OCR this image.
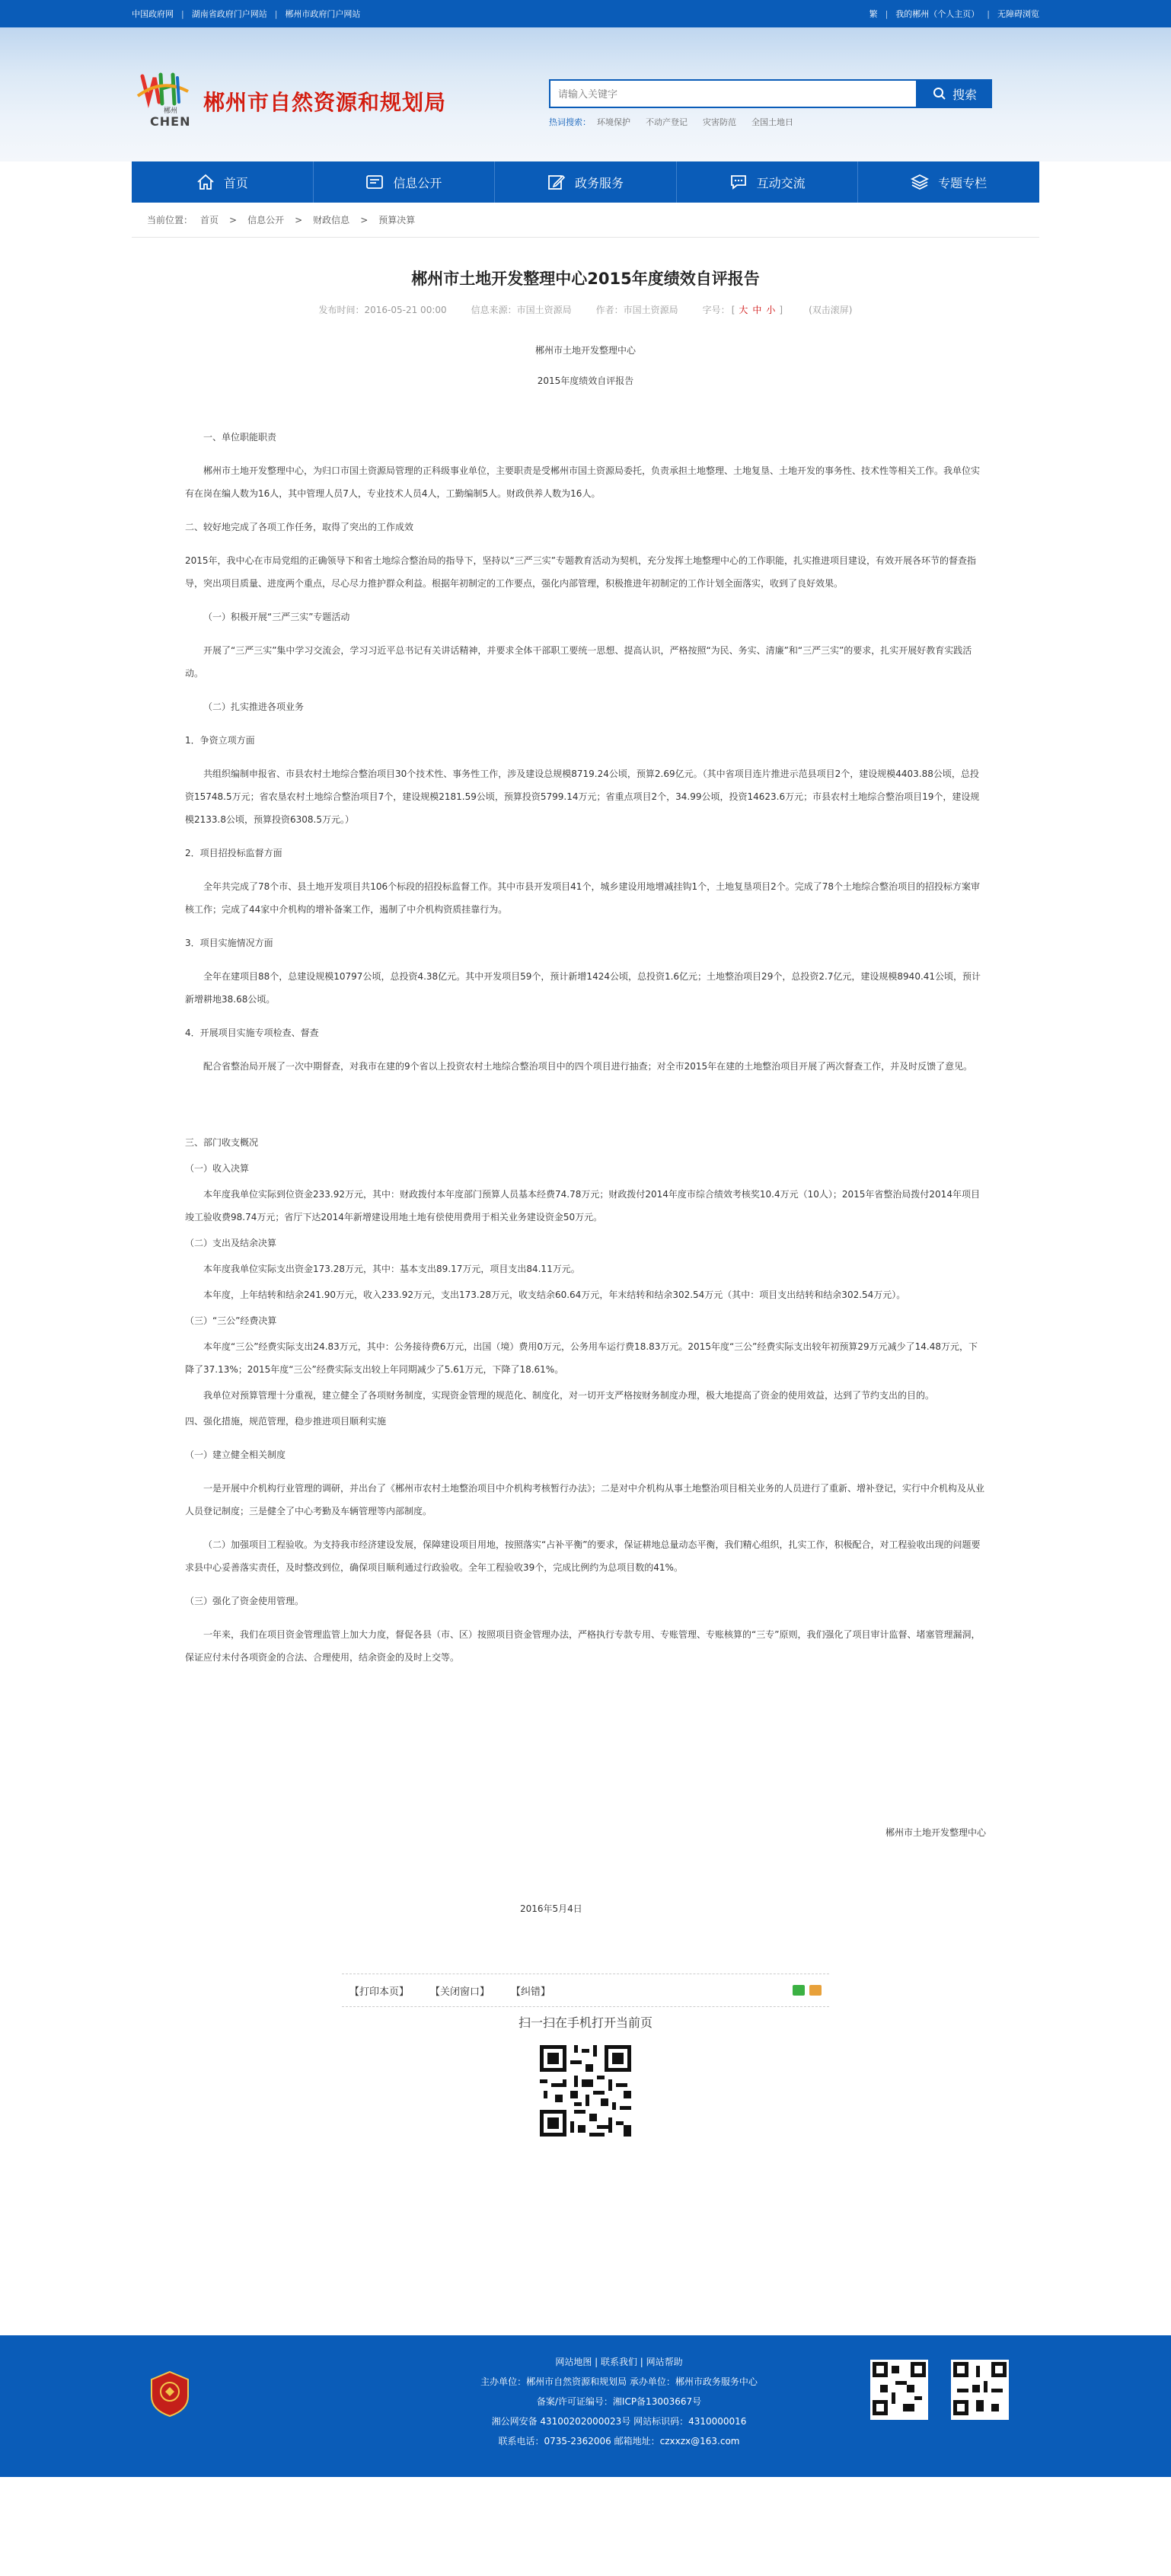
中国政府网 | 湖南省政府门户网站 | 郴州市政府门户网站	繁 | 我的郴州（个人主页） | 无障碍浏览
郴州
CHEN
郴州市自然资源和规划局
请输入关键字	搜索
热词搜索： 环境保护 不动产登记 灾害防范 全国土地日
首页	信息公开	政务服务	互动交流	专题专栏
当前位置： 首页 > 信息公开 > 财政信息 > 预算决算
郴州市土地开发整理中心2015年度绩效自评报告
发布时间：2016-05-21 00:00	信息来源：市国土资源局	作者：市国土资源局	字号： [ 大 中 小 ]	(双击滚屏)

郴州市土地开发整理中心

2015年度绩效自评报告

一、单位职能职责

郴州市土地开发整理中心，为归口市国土资源局管理的正科级事业单位，主要职责是受郴州市国土资源局委托，负责承担土地整理、土地复垦、土地开发的事务性、技术性等相关工作。我单位实有在岗在编人数为16人，其中管理人员7人，专业技术人员4人，工勤编制5人。财政供养人数为16人。

二、较好地完成了各项工作任务，取得了突出的工作成效

2015年，我中心在市局党组的正确领导下和省土地综合整治局的指导下，坚持以“三严三实”专题教育活动为契机，充分发挥土地整理中心的工作职能，扎实推进项目建设，有效开展各环节的督查指导，突出项目质量、进度两个重点，尽心尽力推护群众利益。根据年初制定的工作要点，强化内部管理，积极推进年初制定的工作计划全面落实，收到了良好效果。

（一）积极开展“三严三实”专题活动

开展了“三严三实”集中学习交流会，学习习近平总书记有关讲话精神，并要求全体干部职工要统一思想、提高认识，严格按照“为民、务实、清廉”和“三严三实”的要求，扎实开展好教育实践活动。

（二）扎实推进各项业务

1．争资立项方面

共组织编制申报省、市县农村土地综合整治项目30个技术性、事务性工作，涉及建设总规模8719.24公顷，预算2.69亿元。（其中省项目连片推进示范县项目2个，建设规模4403.88公顷，总投资15748.5万元；省农垦农村土地综合整治项目7个，建设规模2181.59公顷，预算投资5799.14万元；省重点项目2个，34.99公顷，投资14623.6万元；市县农村土地综合整治项目19个，建设规模2133.8公顷，预算投资6308.5万元。）

2．项目招投标监督方面

全年共完成了78个市、县土地开发项目共106个标段的招投标监督工作。其中市县开发项目41个，城乡建设用地增减挂钩1个，土地复垦项目2个。完成了78个土地综合整治项目的招投标方案审核工作；完成了44家中介机构的增补备案工作，遏制了中介机构资质挂靠行为。

3．项目实施情况方面

全年在建项目88个，总建设规模10797公顷，总投资4.38亿元。其中开发项目59个，预计新增1424公顷，总投资1.6亿元；土地整治项目29个，总投资2.7亿元，建设规模8940.41公顷，预计新增耕地38.68公顷。

4．开展项目实施专项检查、督查

配合省整治局开展了一次中期督查，对我市在建的9个省以上投资农村土地综合整治项目中的四个项目进行抽查；对全市2015年在建的土地整治项目开展了两次督查工作，并及时反馈了意见。

三、部门收支概况

（一）收入决算

本年度我单位实际到位资金233.92万元，其中：财政拨付本年度部门预算人员基本经费74.78万元；财政拨付2014年度市综合绩效考核奖10.4万元（10人）；2015年省整治局拨付2014年项目竣工验收费98.74万元；省厅下达2014年新增建设用地土地有偿使用费用于相关业务建设资金50万元。

（二）支出及结余决算

本年度我单位实际支出资金173.28万元，其中：基本支出89.17万元，项目支出84.11万元。

本年度，上年结转和结余241.90万元，收入233.92万元，支出173.28万元，收支结余60.64万元，年末结转和结余302.54万元（其中：项目支出结转和结余302.54万元）。

（三）“三公”经费决算

本年度“三公”经费实际支出24.83万元，其中：公务接待费6万元，出国（境）费用0万元，公务用车运行费18.83万元。2015年度“三公”经费实际支出较年初预算29万元减少了14.48万元，下降了37.13%；2015年度“三公”经费实际支出较上年同期减少了5.61万元，下降了18.61%。

我单位对预算管理十分重视，建立健全了各项财务制度，实现资金管理的规范化、制度化，对一切开支严格按财务制度办理，极大地提高了资金的使用效益，达到了节约支出的目的。

四、强化措施，规范管理，稳步推进项目顺利实施

（一）建立健全相关制度

一是开展中介机构行业管理的调研，并出台了《郴州市农村土地整治项目中介机构考核暂行办法》；二是对中介机构从事土地整治项目相关业务的人员进行了重新、增补登记，实行中介机构及从业人员登记制度；三是健全了中心考勤及车辆管理等内部制度。

（二）加强项目工程验收。为支持我市经济建设发展，保障建设项目用地，按照落实“占补平衡”的要求，保证耕地总量动态平衡，我们精心组织，扎实工作，积极配合，对工程验收出现的问题要求县中心妥善落实责任，及时整改到位，确保项目顺利通过行政验收。全年工程验收39个，完成比例约为总项目数的41%。

（三）强化了资金使用管理。

一年来，我们在项目资金管理监管上加大力度，督促各县（市、区）按照项目资金管理办法，严格执行专款专用、专账管理、专账核算的“三专”原则，我们强化了项目审计监督、堵塞管理漏洞，保证应付未付各项资金的合法、合理使用，结余资金的及时上交等。

郴州市土地开发整理中心

2016年5月4日

【打印本页】 【关闭窗口】 【纠错】
扫一扫在手机打开当前页
网站地图 | 联系我们 | 网站帮助
主办单位：郴州市自然资源和规划局 承办单位：郴州市政务服务中心
备案/许可证编号：湘ICP备13003667号
湘公网安备 43100202000023号 网站标识码：4310000016
联系电话：0735-2362006 邮箱地址：czxxzx@163.com
